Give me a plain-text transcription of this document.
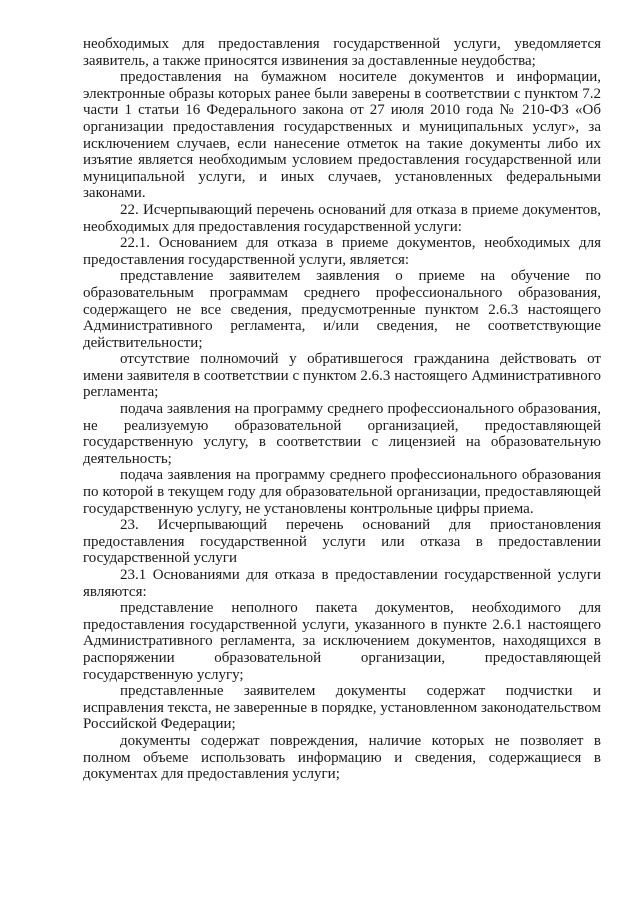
необходимых для предоставления государственной услуги, уведомляется заявитель, а также приносятся извинения за доставленные неудобства;

предоставления на бумажном носителе документов и информации, электронные образы которых ранее были заверены в соответствии с пунктом 7.2 части 1 статьи 16 Федерального закона от 27 июля 2010 года № 210-ФЗ «Об организации предоставления государственных и муниципальных услуг», за исключением случаев, если нанесение отметок на такие документы либо их изъятие является необходимым условием предоставления государственной или муниципальной услуги, и иных случаев, установленных федеральными законами.

22. Исчерпывающий перечень оснований для отказа в приеме документов, необходимых для предоставления государственной услуги:

22.1. Основанием для отказа в приеме документов, необходимых для предоставления государственной услуги, является:

представление заявителем заявления о приеме на обучение по образовательным программам среднего профессионального образования, содержащего не все сведения, предусмотренные пунктом 2.6.3 настоящего Административного регламента, и/или сведения, не соответствующие действительности;

отсутствие полномочий у обратившегося гражданина действовать от имени заявителя в соответствии с пунктом 2.6.3 настоящего Административного регламента;

подача заявления на программу среднего профессионального образования, не реализуемую образовательной организацией, предоставляющей государственную услугу, в соответствии с лицензией на образовательную деятельность;

подача заявления на программу среднего профессионального образования по которой в текущем году для образовательной организации, предоставляющей государственную услугу, не установлены контрольные цифры приема.

23. Исчерпывающий перечень оснований для приостановления предоставления государственной услуги или отказа в предоставлении государственной услуги

23.1 Основаниями для отказа в предоставлении государственной услуги являются:

представление неполного пакета документов, необходимого для предоставления государственной услуги, указанного в пункте 2.6.1 настоящего Административного регламента, за исключением документов, находящихся в распоряжении образовательной организации, предоставляющей государственную услугу;

представленные заявителем документы содержат подчистки и исправления текста, не заверенные в порядке, установленном законодательством Российской Федерации;

документы содержат повреждения, наличие которых не позволяет в полном объеме использовать информацию и сведения, содержащиеся в документах для предоставления услуги;
